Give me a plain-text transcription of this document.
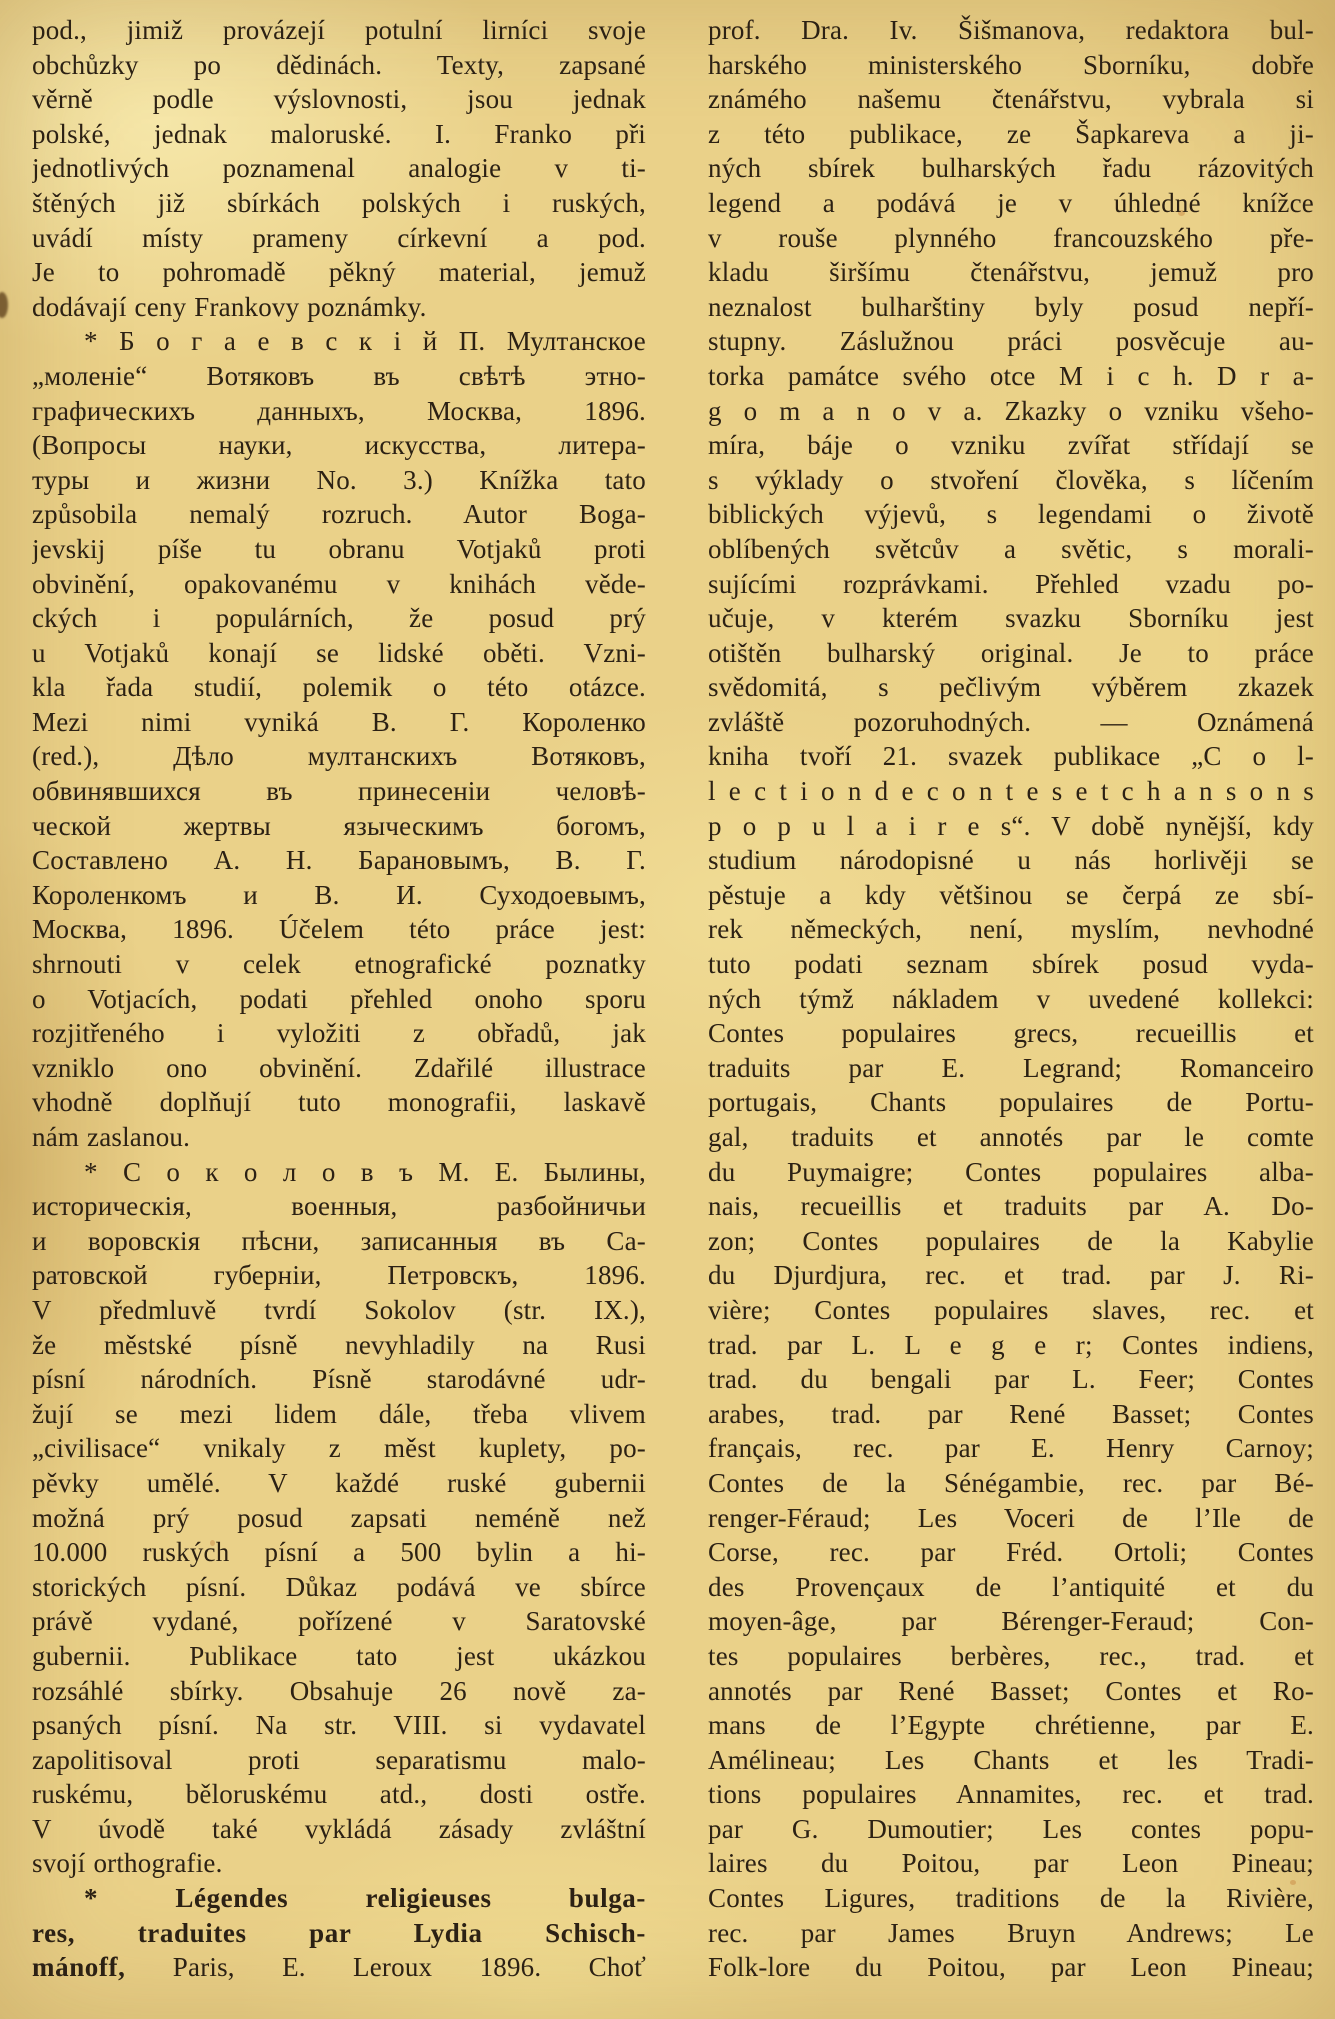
pod., jimiž provázejí potulní lirníci svoje
obchůzky po dědinách. Texty, zapsané
věrně podle výslovnosti, jsou jednak
polské, jednak maloruské. I. Franko při
jednotlivých poznamenal analogie v ti-
štěných již sbírkách polských i ruských,
uvádí místy prameny církevní a pod.
Je to pohromadě pěkný material, jemuž
dodávají ceny Frankovy poznámky.
* Б о г а е в с к і й П. Мултанское
„моленіе“ Вотяковъ въ свѣтѣ этно-
графическихъ данныхъ, Москва, 1896.
(Вопросы науки, искусства, литера-
туры и жизни No. 3.) Knížka tato
způsobila nemalý rozruch. Autor Boga-
jevskij píše tu obranu Votjaků proti
obvinění, opakovanému v knihách věde-
ckých i populárních, že posud prý
u Votjaků konají se lidské oběti. Vzni-
kla řada studií, polemik o této otázce.
Mezi nimi vyniká В. Г. Короленко
(red.), Дѣло мултанскихъ Вотяковъ,
обвинявшихся въ принесеніи человѣ-
ческой жертвы языческимъ богомъ,
Составлено А. Н. Барановымъ, В. Г.
Короленкомъ и В. И. Суходоевымъ,
Москва, 1896. Účelem této práce jest:
shrnouti v celek etnografické poznatky
o Votjacích, podati přehled onoho sporu
rozjitřeného i vyložiti z obřadů, jak
vzniklo ono obvinění. Zdařilé illustrace
vhodně doplňují tuto monografii, laskavě
nám zaslanou.
* С о к о л о в ъ М. Е. Былины,
историческія, военныя, разбойничьи
и воровскія пѣсни, записанныя въ Са-
ратовской губерніи, Петровскъ, 1896.
V předmluvě tvrdí Sokolov (str. IX.),
že městské písně nevyhladily na Rusi
písní národních. Písně starodávné udr-
žují se mezi lidem dále, třeba vlivem
„civilisace“ vnikaly z měst kuplety, po-
pěvky umělé. V každé ruské gubernii
možná prý posud zapsati neméně než
10.000 ruských písní a 500 bylin a hi-
storických písní. Důkaz podává ve sbírce
právě vydané, pořízené v Saratovské
gubernii. Publikace tato jest ukázkou
rozsáhlé sbírky. Obsahuje 26 nově za-
psaných písní. Na str. VIII. si vydavatel
zapolitisoval proti separatismu malo-
ruskému, běloruskému atd., dosti ostře.
V úvodě také vykládá zásady zvláštní
svojí orthografie.
* Légendes religieuses bulga-
res, traduites par Lydia Schisch-
mánoff, Paris, E. Leroux 1896. Choť
prof. Dra. Iv. Šišmanova, redaktora bul-
harského ministerského Sborníku, dobře
známého našemu čtenářstvu, vybrala si
z této publikace, ze Šapkareva a ji-
ných sbírek bulharských řadu rázovitých
legend a podává je v úhledné knížce
v rouše plynného francouzského pře-
kladu širšímu čtenářstvu, jemuž pro
neznalost bulharštiny byly posud nepří-
stupny. Záslužnou práci posvěcuje au-
torka památce svého otce M i c h. D r a-
g o m a n o v a. Zkazky o vzniku všeho-
míra, báje o vzniku zvířat střídají se
s výklady o stvoření člověka, s líčením
biblických výjevů, s legendami o životě
oblíbených světcův a světic, s morali-
sujícími rozprávkami. Přehled vzadu po-
učuje, v kterém svazku Sborníku jest
otištěn bulharský original. Je to práce
svědomitá, s pečlivým výběrem zkazek
zvláště pozoruhodných. — Oznámená
kniha tvoří 21. svazek publikace „C o l-
l e c t i o n d e c o n t e s e t c h a n s o n s
p o p u l a i r e s“. V době nynější, kdy
studium národopisné u nás horlivěji se
pěstuje a kdy většinou se čerpá ze sbí-
rek německých, není, myslím, nevhodné
tuto podati seznam sbírek posud vyda-
ných týmž nákladem v uvedené kollekci:
Contes populaires grecs, recueillis et
traduits par E. Legrand; Romanceiro
portugais, Chants populaires de Portu-
gal, traduits et annotés par le comte
du Puymaigre; Contes populaires alba-
nais, recueillis et traduits par A. Do-
zon; Contes populaires de la Kabylie
du Djurdjura, rec. et trad. par J. Ri-
vière; Contes populaires slaves, rec. et
trad. par L. L e g e r; Contes indiens,
trad. du bengali par L. Feer; Contes
arabes, trad. par René Basset; Contes
français, rec. par E. Henry Carnoy;
Contes de la Sénégambie, rec. par Bé-
renger-Féraud; Les Voceri de l’Ile de
Corse, rec. par Fréd. Ortoli; Contes
des Provençaux de l’antiquité et du
moyen-âge, par Bérenger-Feraud; Con-
tes populaires berbères, rec., trad. et
annotés par René Basset; Contes et Ro-
mans de l’Egypte chrétienne, par E.
Amélineau; Les Chants et les Tradi-
tions populaires Annamites, rec. et trad.
par G. Dumoutier; Les contes popu-
laires du Poitou, par Leon Pineau;
Contes Ligures, traditions de la Rivière,
rec. par James Bruyn Andrews; Le
Folk-lore du Poitou, par Leon Pineau;
